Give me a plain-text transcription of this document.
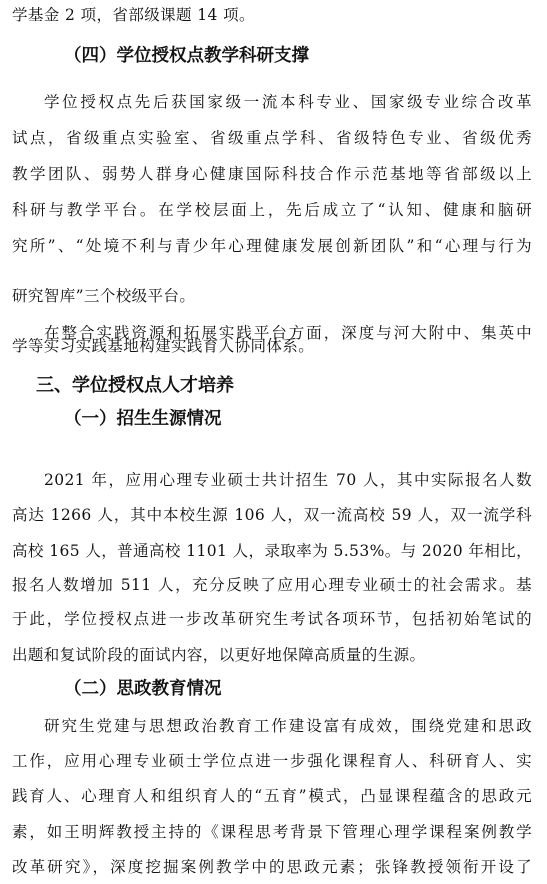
学基金 2 项，省部级课题 14 项。
（四）学位授权点教学科研支撑
学位授权点先后获国家级一流本科专业、国家级专业综合改革
试点，省级重点实验室、省级重点学科、省级特色专业、省级优秀
教学团队、弱势人群身心健康国际科技合作示范基地等省部级以上
科研与教学平台。在学校层面上，先后成立了“认知、健康和脑研
究所”、“处境不利与青少年心理健康发展创新团队”和“心理与行为
研究智库”三个校级平台。
在整合实践资源和拓展实践平台方面，深度与河大附中、集英中
学等实习实践基地构建实践育人协同体系。
三、学位授权点人才培养
（一）招生生源情况
2021 年，应用心理专业硕士共计招生 70 人，其中实际报名人数
高达 1266 人，其中本校生源 106 人，双一流高校 59 人，双一流学科
高校 165 人，普通高校 1101 人，录取率为 5.53%。与 2020 年相比，
报名人数增加 511 人，充分反映了应用心理专业硕士的社会需求。基
于此，学位授权点进一步改革研究生考试各项环节，包括初始笔试的
出题和复试阶段的面试内容，以更好地保障高质量的生源。
（二）思政教育情况
研究生党建与思想政治教育工作建设富有成效，围绕党建和思政
工作，应用心理专业硕士学位点进一步强化课程育人、科研育人、实
践育人、心理育人和组织育人的“五育”模式，凸显课程蕴含的思政元
素，如王明辉教授主持的《课程思考背景下管理心理学课程案例教学
改革研究》，深度挖掘案例教学中的思政元素；张锋教授领衔开设了
